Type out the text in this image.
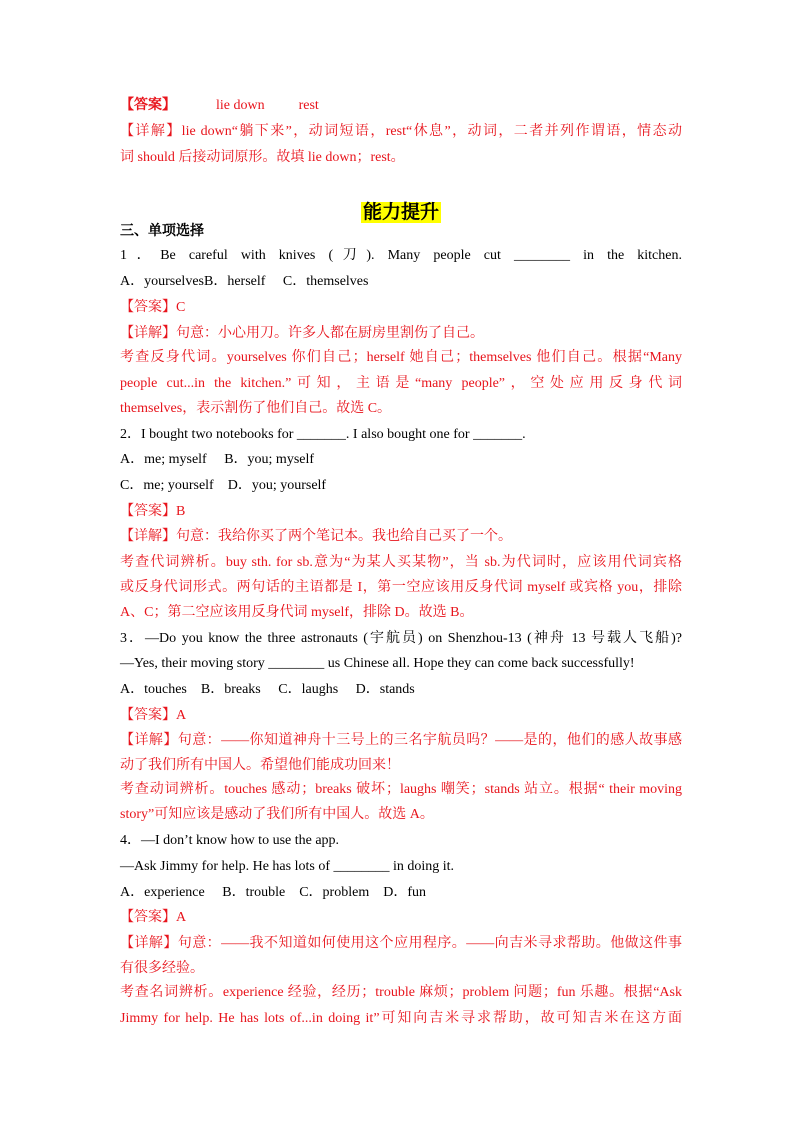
【答案】	lie down rest
【详解】lie down“躺下来”，动词短语，rest“休息”，动词，二者并列作谓语，情态动
词 should 后接动词原形。故填 lie down；rest。
能力提升
三、单项选择
1．Be careful with knives (刀). Many people cut ________ in the kitchen.
A．yourselvesB．herself　 C．themselves
【答案】C
【详解】句意：小心用刀。许多人都在厨房里割伤了自己。
考查反身代词。yourselves 你们自己；herself 她自己；themselves 他们自己。根据“Many
people cut...in the kitchen.”可知，主语是“many people”，空处应用反身代词
themselves，表示割伤了他们自己。故选 C。
2．I bought two notebooks for _______. I also bought one for _______.
A．me; myself　 B．you; myself
C．me; yourself　D．you; yourself
【答案】B
【详解】句意：我给你买了两个笔记本。我也给自己买了一个。
考查代词辨析。buy sth. for sb.意为“为某人买某物”，当 sb.为代词时，应该用代词宾格
或反身代词形式。两句话的主语都是 I，第一空应该用反身代词 myself 或宾格 you，排除
A、C；第二空应该用反身代词 myself，排除 D。故选 B。
3．—Do you know the three astronauts (宇航员) on Shenzhou-13 (神舟 13 号载人飞船)?
—Yes, their moving story ________ us Chinese all. Hope they can come back successfully!
A．touches　B．breaks　 C．laughs　 D．stands
【答案】A
【详解】句意：——你知道神舟十三号上的三名宇航员吗？——是的，他们的感人故事感
动了我们所有中国人。希望他们能成功回来！
考查动词辨析。touches 感动；breaks 破坏；laughs 嘲笑；stands 站立。根据“ their moving
story”可知应该是感动了我们所有中国人。故选 A。
4．—I don’t know how to use the app.
—Ask Jimmy for help. He has lots of ________ in doing it.
A．experience　 B．trouble　C．problem　D．fun
【答案】A
【详解】句意：——我不知道如何使用这个应用程序。——向吉米寻求帮助。他做这件事
有很多经验。
考查名词辨析。experience 经验，经历；trouble 麻烦；problem 问题；fun 乐趣。根据“Ask
Jimmy for help. He has lots of...in doing it”可知向吉米寻求帮助，故可知吉米在这方面
